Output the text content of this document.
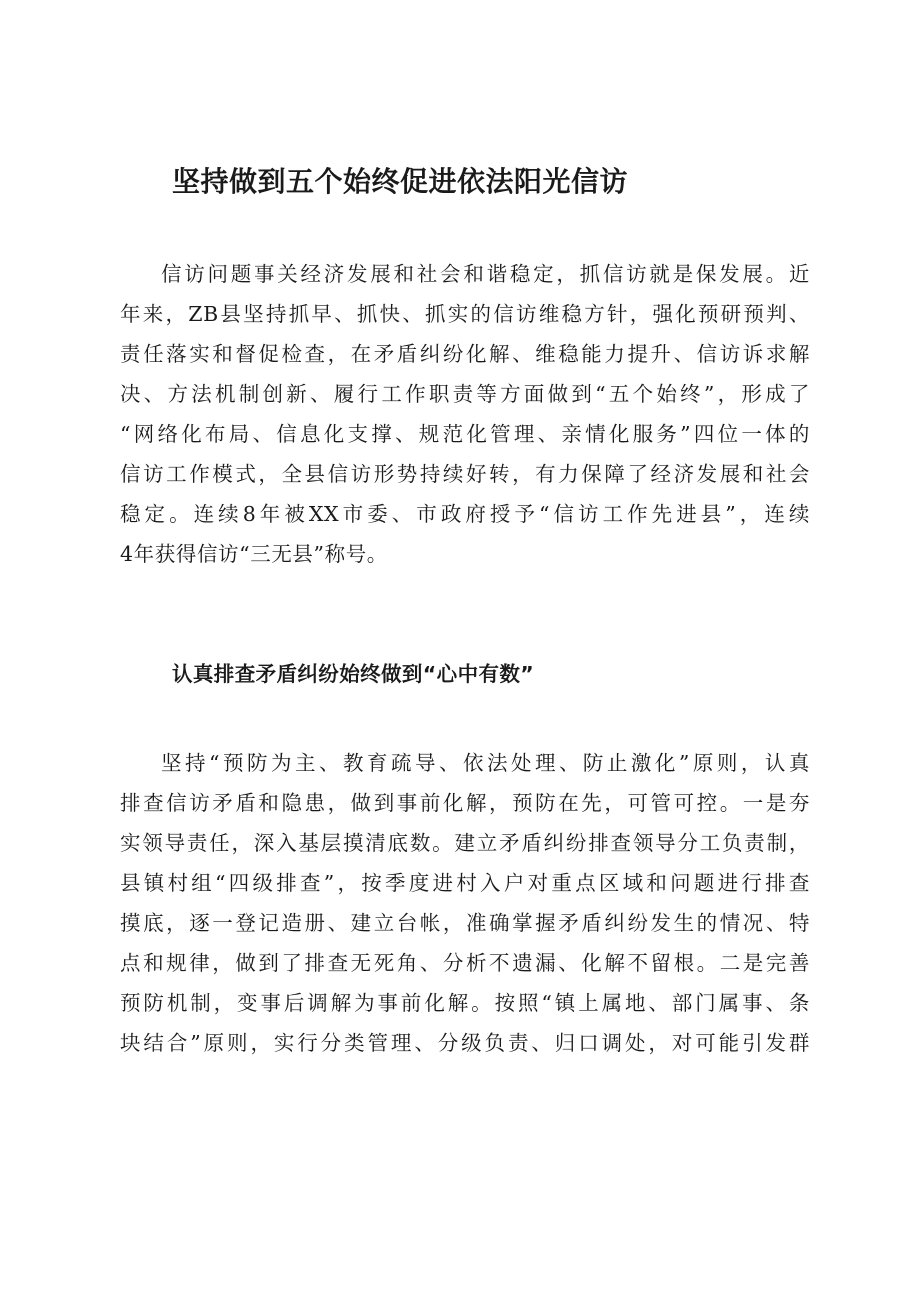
坚持做到五个始终促进依法阳光信访
信访问题事关经济发展和社会和谐稳定，抓信访就是保发展。近
年来，ZB县坚持抓早、抓快、抓实的信访维稳方针，强化预研预判、
责任落实和督促检查，在矛盾纠纷化解、维稳能力提升、信访诉求解
决、方法机制创新、履行工作职责等方面做到“五个始终”，形成了
“网络化布局、信息化支撑、规范化管理、亲情化服务”四位一体的
信访工作模式，全县信访形势持续好转，有力保障了经济发展和社会
稳定。连续8年被XX市委、市政府授予“信访工作先进县”，连续
4年获得信访“三无县”称号。
认真排查矛盾纠纷始终做到“心中有数”
坚持“预防为主、教育疏导、依法处理、防止激化”原则，认真
排查信访矛盾和隐患，做到事前化解，预防在先，可管可控。一是夯
实领导责任，深入基层摸清底数。建立矛盾纠纷排查领导分工负责制，
县镇村组“四级排查”，按季度进村入户对重点区域和问题进行排查
摸底，逐一登记造册、建立台帐，准确掌握矛盾纠纷发生的情况、特
点和规律，做到了排查无死角、分析不遗漏、化解不留根。二是完善
预防机制，变事后调解为事前化解。按照“镇上属地、部门属事、条
块结合”原则，实行分类管理、分级负责、归口调处，对可能引发群
